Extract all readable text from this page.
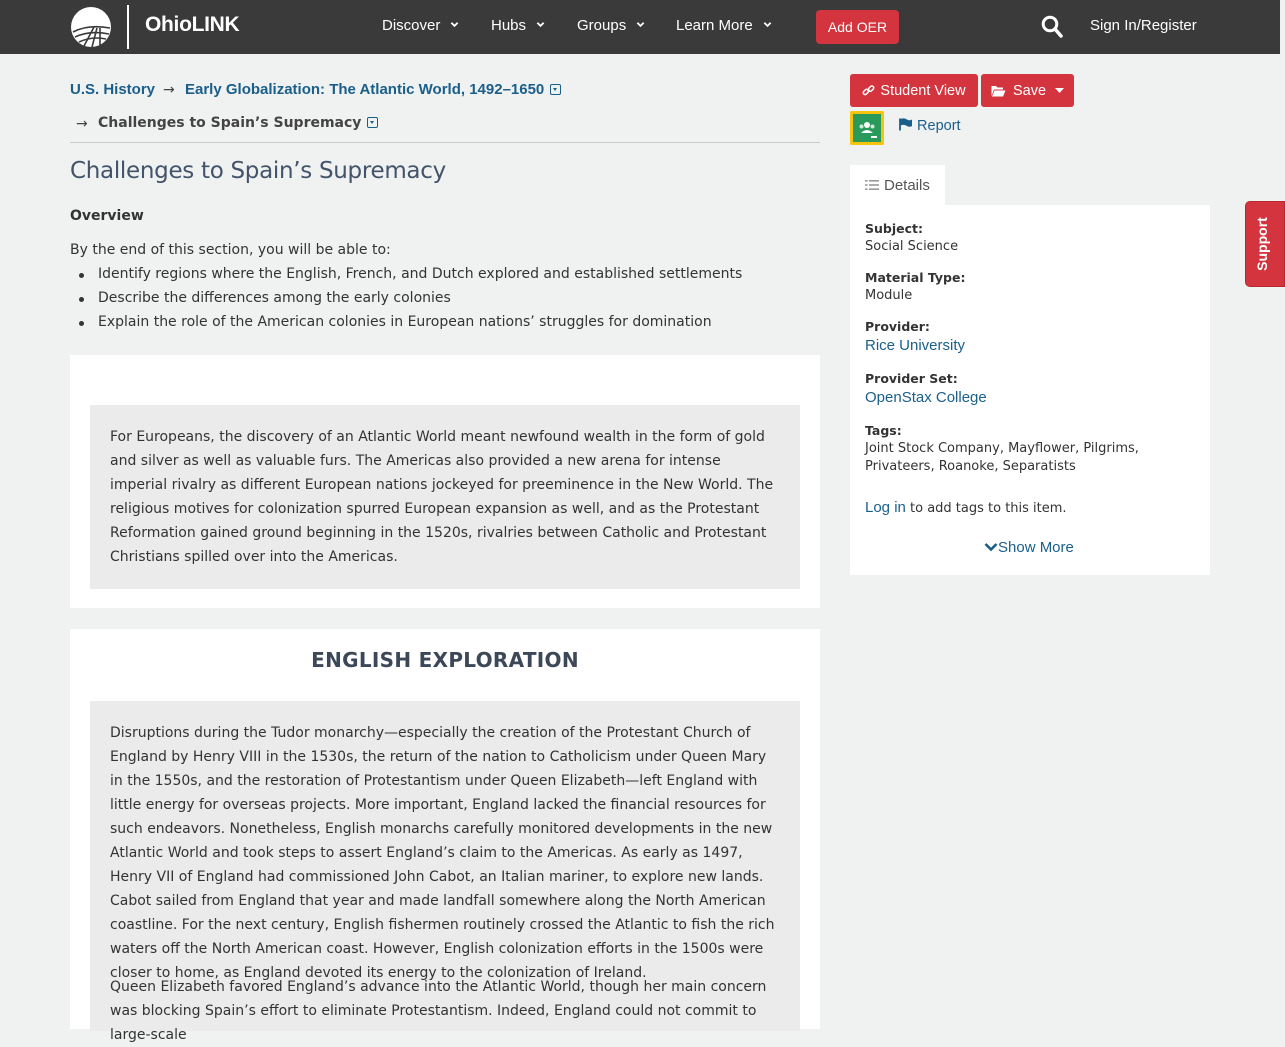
OhioLINK	Discover	Hubs	Groups	Learn More	Add OER	Sign In/Register
U.S. History → Early Globalization: The Atlantic World, 1492–1650
→ Challenges to Spain’s Supremacy
Challenges to Spain’s Supremacy
Overview
By the end of this section, you will be able to:
Identify regions where the English, French, and Dutch explored and established settlements
Describe the differences among the early colonies
Explain the role of the American colonies in European nations’ struggles for domination

For Europeans, the discovery of an Atlantic World meant newfound wealth in the form of gold and silver as well as valuable furs. The Americas also provided a new arena for intense imperial rivalry as different European nations jockeyed for preeminence in the New World. The religious motives for colonization spurred European expansion as well, and as the Protestant Reformation gained ground beginning in the 1520s, rivalries between Catholic and Protestant Christians spilled over into the Americas.

ENGLISH EXPLORATION

Disruptions during the Tudor monarchy—especially the creation of the Protestant Church of England by Henry VIII in the 1530s, the return of the nation to Catholicism under Queen Mary in the 1550s, and the restoration of Protestantism under Queen Elizabeth—left England with little energy for overseas projects. More important, England lacked the financial resources for such endeavors. Nonetheless, English monarchs carefully monitored developments in the new Atlantic World and took steps to assert England’s claim to the Americas. As early as 1497, Henry VII of England had commissioned John Cabot, an Italian mariner, to explore new lands. Cabot sailed from England that year and made landfall somewhere along the North American coastline. For the next century, English fishermen routinely crossed the Atlantic to fish the rich waters off the North American coast. However, English colonization efforts in the 1500s were closer to home, as England devoted its energy to the colonization of Ireland.

Queen Elizabeth favored England’s advance into the Atlantic World, though her main concern was blocking Spain’s effort to eliminate Protestantism. Indeed, England could not commit to large-scale

Student View	Save
Report
Details
Subject:
Social Science
Material Type:
Module
Provider:
Rice University
Provider Set:
OpenStax College
Tags:
Joint Stock Company, Mayflower, Pilgrims, Privateers, Roanoke, Separatists
Log in to add tags to this item.
Show More
Support
